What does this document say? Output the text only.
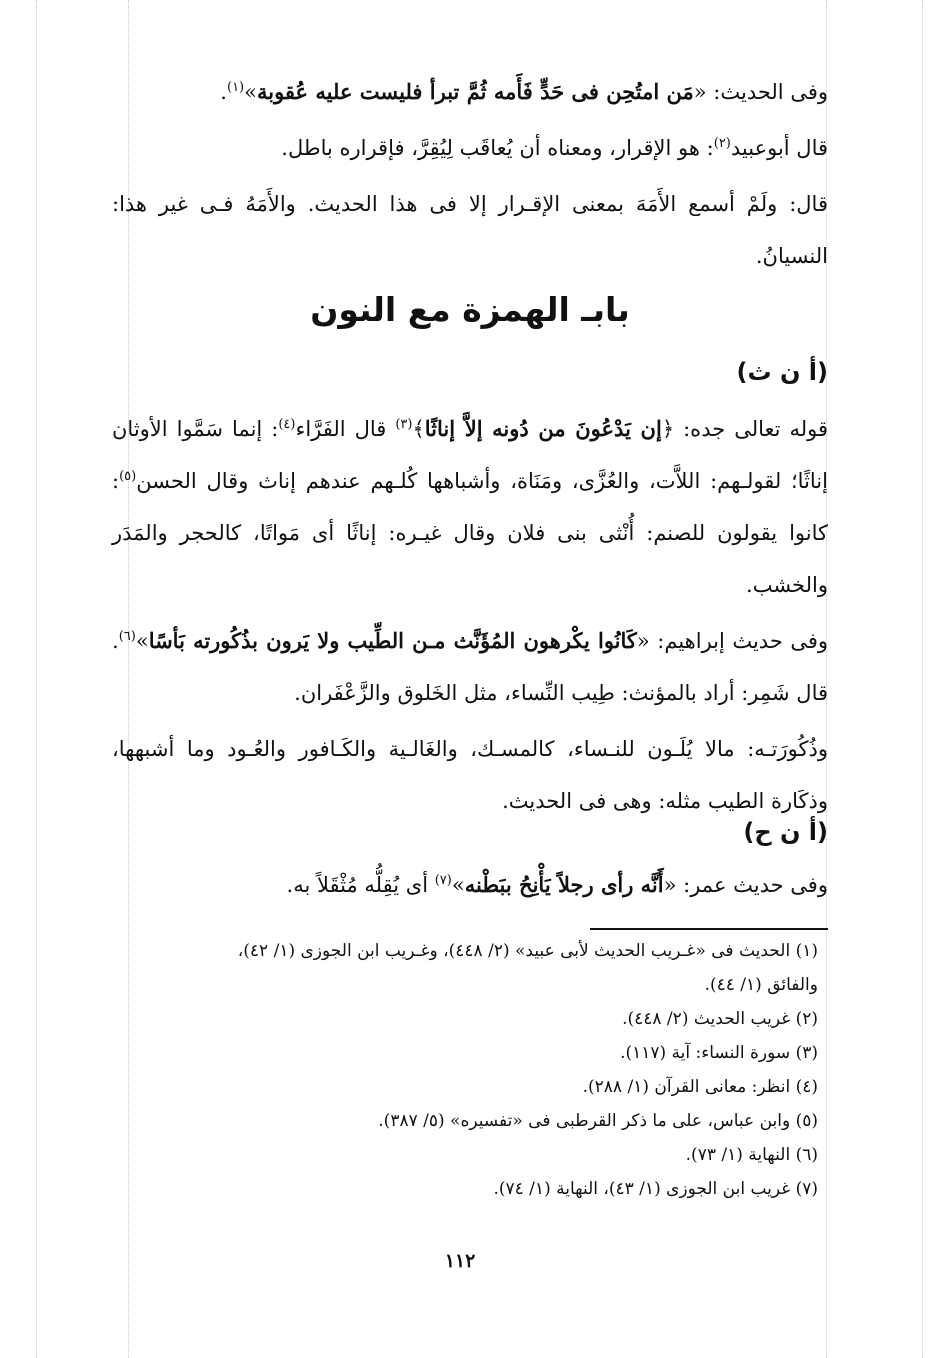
وفى الحديث: «مَن امتُحِن فى حَدٍّ فَأَمه ثُمَّ تبرأ فليست عليه عُقوبة»$^{(١)}$.

قال أبوعبيد$^{(٢)}$: هو الإقرار، ومعناه أن يُعاقَب لِيُقِرَّ، فإقراره باطل.

قال: ولَمْ أسمع الأَمَهَ بمعنى الإقـرار إلا فى هذا الحديث. والأَمَهُ فـى غير هذا: النسيانُ.

بابـ الهمزة مع النون

(أ ن ث)

قوله تعالى جده: ﴿إن يَدْعُونَ من دُونه إلاَّ إناثًا﴾$^{(٣)}$ قال الفَرَّاء$^{(٤)}$: إنما سَمَّوا الأوثان إناثًا؛ لقولـهم: اللاَّت، والعُزَّى، ومَنَاة، وأشباهها كُلـهم عندهم إناث وقال الحسن$^{(٥)}$: كانوا يقولون للصنم: أُنْثى بنى فلان وقال غيـره: إناثًا أى مَواتًا، كالحجر والمَدَر والخشب.

وفى حديث إبراهيم: «كَانُوا يكْرهون المُؤَنَّث مـن الطِّيب ولا يَرون بذُكُورته بَأسًا»$^{(٦)}$. قال شَمِر: أراد بالمؤنث: طِيب النِّساء، مثل الخَلوق والزَّعْفَران.

وذُكُورَتـه: مالا يُلَـون للنـساء، كالمسـك، والغَالـية والكَـافور والعُـود وما أشبهها، وذكَارة الطيب مثله: وهى فى الحديث.

(أ ن ح)

وفى حديث عمر: «أَنَّه رأى رجلاً يَأْنِحُ ببَطْنه»$^{(٧)}$ أى يُقِلُّه مُثْقَلاً به.

(١) الحديث فى «غـريب الحديث لأبى عبيد» (٢/ ٤٤٨)، وغـريب ابن الجوزى (١/ ٤٢)،
والفائق (١/ ٤٤).
(٢) غريب الحديث (٢/ ٤٤٨).
(٣) سورة النساء: آية (١١٧).
(٤) انظر: معانى القرآن (١/ ٢٨٨).
(٥) وابن عباس، على ما ذكر القرطبى فى «تفسيره» (٥/ ٣٨٧).
(٦) النهاية (١/ ٧٣).
(٧) غريب ابن الجوزى (١/ ٤٣)، النهاية (١/ ٧٤).
١١٢
